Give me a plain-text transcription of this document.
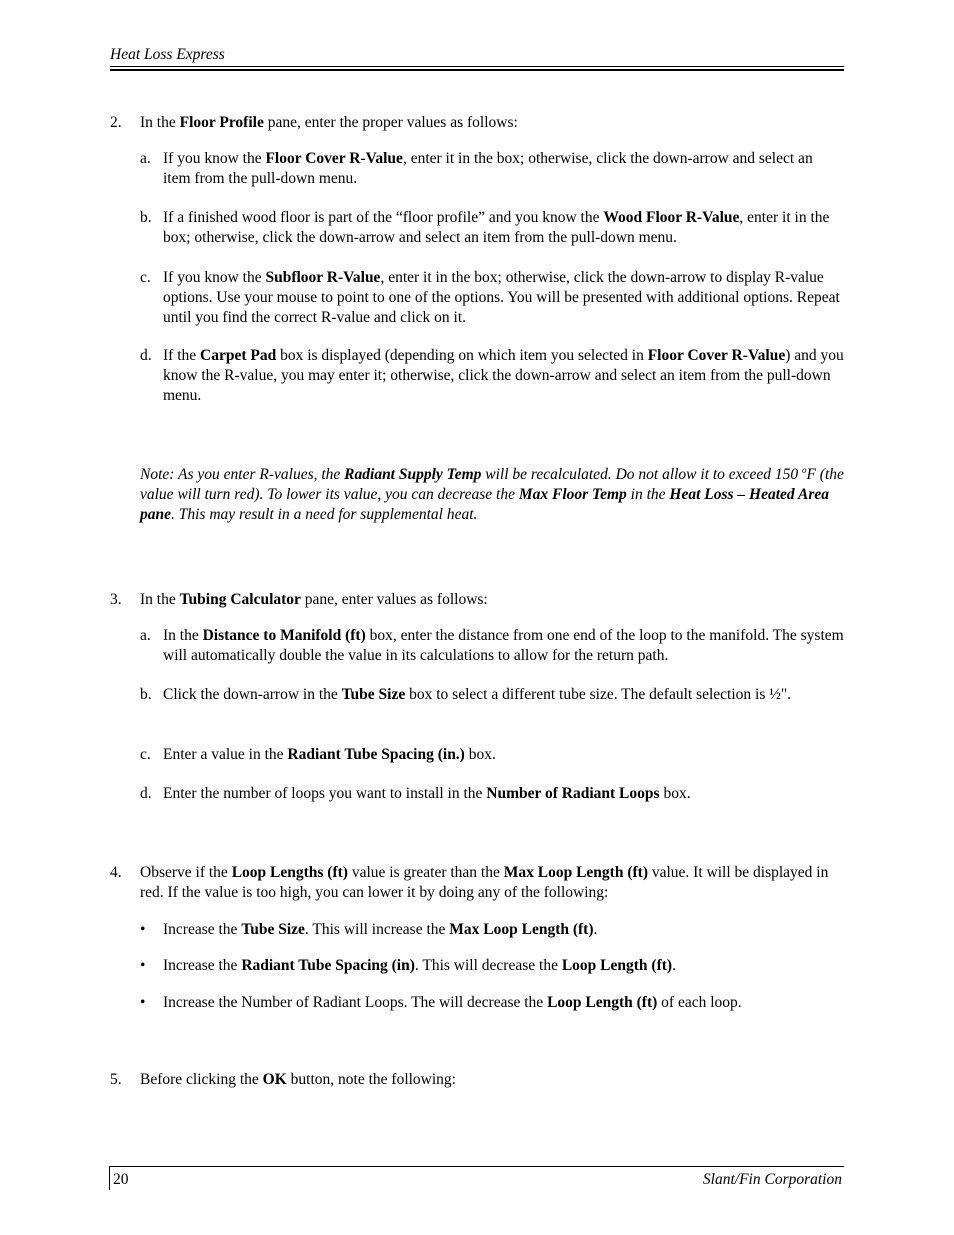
Heat Loss Express
2.	In the Floor Profile pane, enter the proper values as follows:
a. If you know the Floor Cover R-Value, enter it in the box; otherwise, click the down-arrow and select an item from the pull-down menu.
b. If a finished wood floor is part of the “floor profile” and you know the Wood Floor R-Value, enter it in the box; otherwise, click the down-arrow and select an item from the pull-down menu.
c. If you know the Subfloor R-Value, enter it in the box; otherwise, click the down-arrow to display R-value options. Use your mouse to point to one of the options. You will be presented with additional options. Repeat until you find the correct R-value and click on it.
d. If the Carpet Pad box is displayed (depending on which item you selected in Floor Cover R-Value) and you know the R-value, you may enter it; otherwise, click the down-arrow and select an item from the pull-down menu.
Note: As you enter R-values, the Radiant Supply Temp will be recalculated. Do not allow it to exceed 150 $^o$F (the value will turn red). To lower its value, you can decrease the Max Floor Temp in the Heat Loss – Heated Area pane. This may result in a need for supplemental heat.
3.	In the Tubing Calculator pane, enter values as follows:
a. In the Distance to Manifold (ft) box, enter the distance from one end of the loop to the manifold. The system will automatically double the value in its calculations to allow for the return path.
b. Click the down-arrow in the Tube Size box to select a different tube size. The default selection is ½".
c. Enter a value in the Radiant Tube Spacing (in.) box.
d. Enter the number of loops you want to install in the Number of Radiant Loops box.
4.	Observe if the Loop Lengths (ft) value is greater than the Max Loop Length (ft) value. It will be displayed in red. If the value is too high, you can lower it by doing any of the following:
• Increase the Tube Size. This will increase the Max Loop Length (ft).
• Increase the Radiant Tube Spacing (in). This will decrease the Loop Length (ft).
• Increase the Number of Radiant Loops. The will decrease the Loop Length (ft) of each loop.
5.	Before clicking the OK button, note the following:
20	Slant/Fin Corporation
